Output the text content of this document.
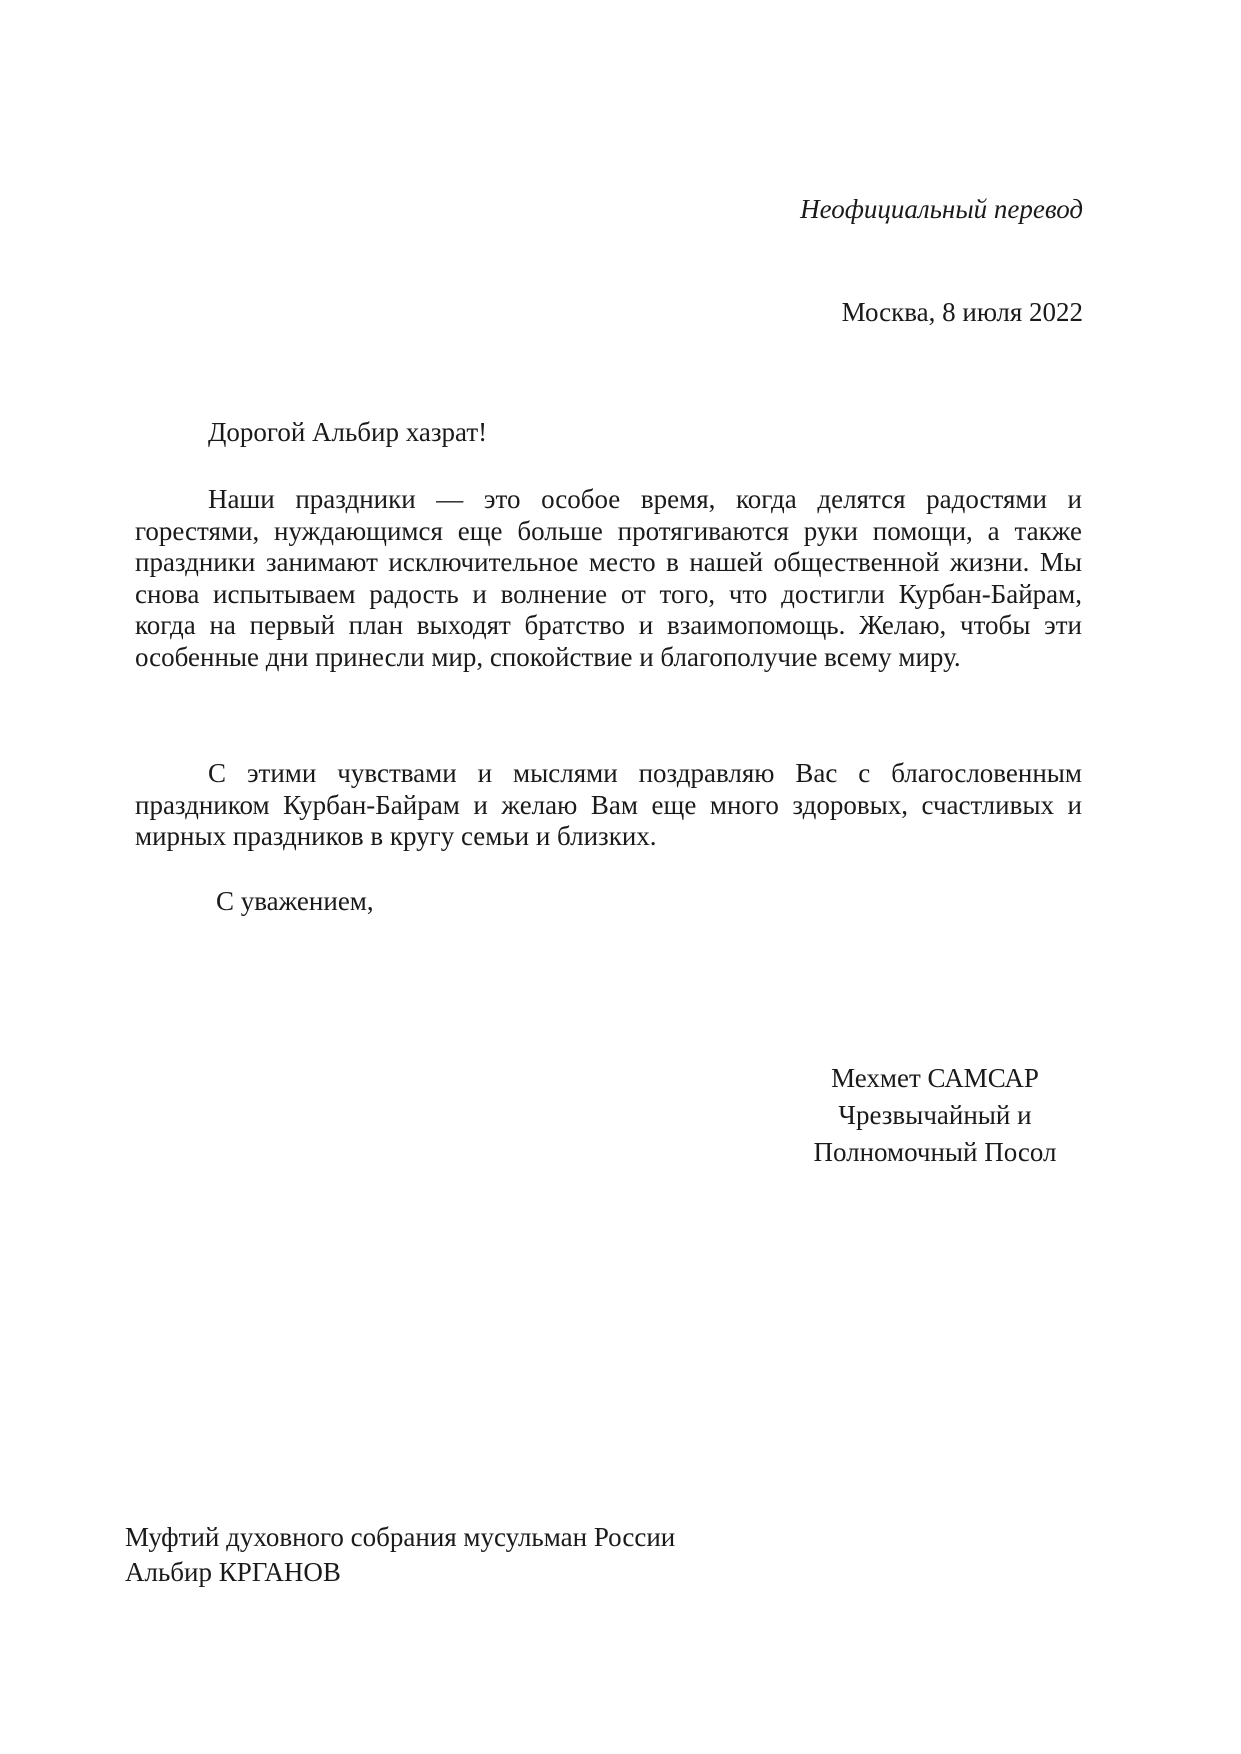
Неофициальный перевод
Москва, 8 июля 2022
Дорогой Альбир хазрат!

Наши праздники — это особое время, когда делятся радостями и горестями, нуждающимся еще больше протягиваются руки помощи, а также праздники занимают исключительное место в нашей общественной жизни. Мы снова испытываем радость и волнение от того, что достигли Курбан-Байрам, когда на первый план выходят братство и взаимопомощь. Желаю, чтобы эти особенные дни принесли мир, спокойствие и благополучие всему миру.

С этими чувствами и мыслями поздравляю Вас с благословенным праздником Курбан-Байрам и желаю Вам еще много здоровых, счастливых и мирных праздников в кругу семьи и близких.

С уважением,
Мехмет САМСАР
Чрезвычайный и
Полномочный Посол
Муфтий духовного собрания мусульман России
Альбир КРГАНОВ
